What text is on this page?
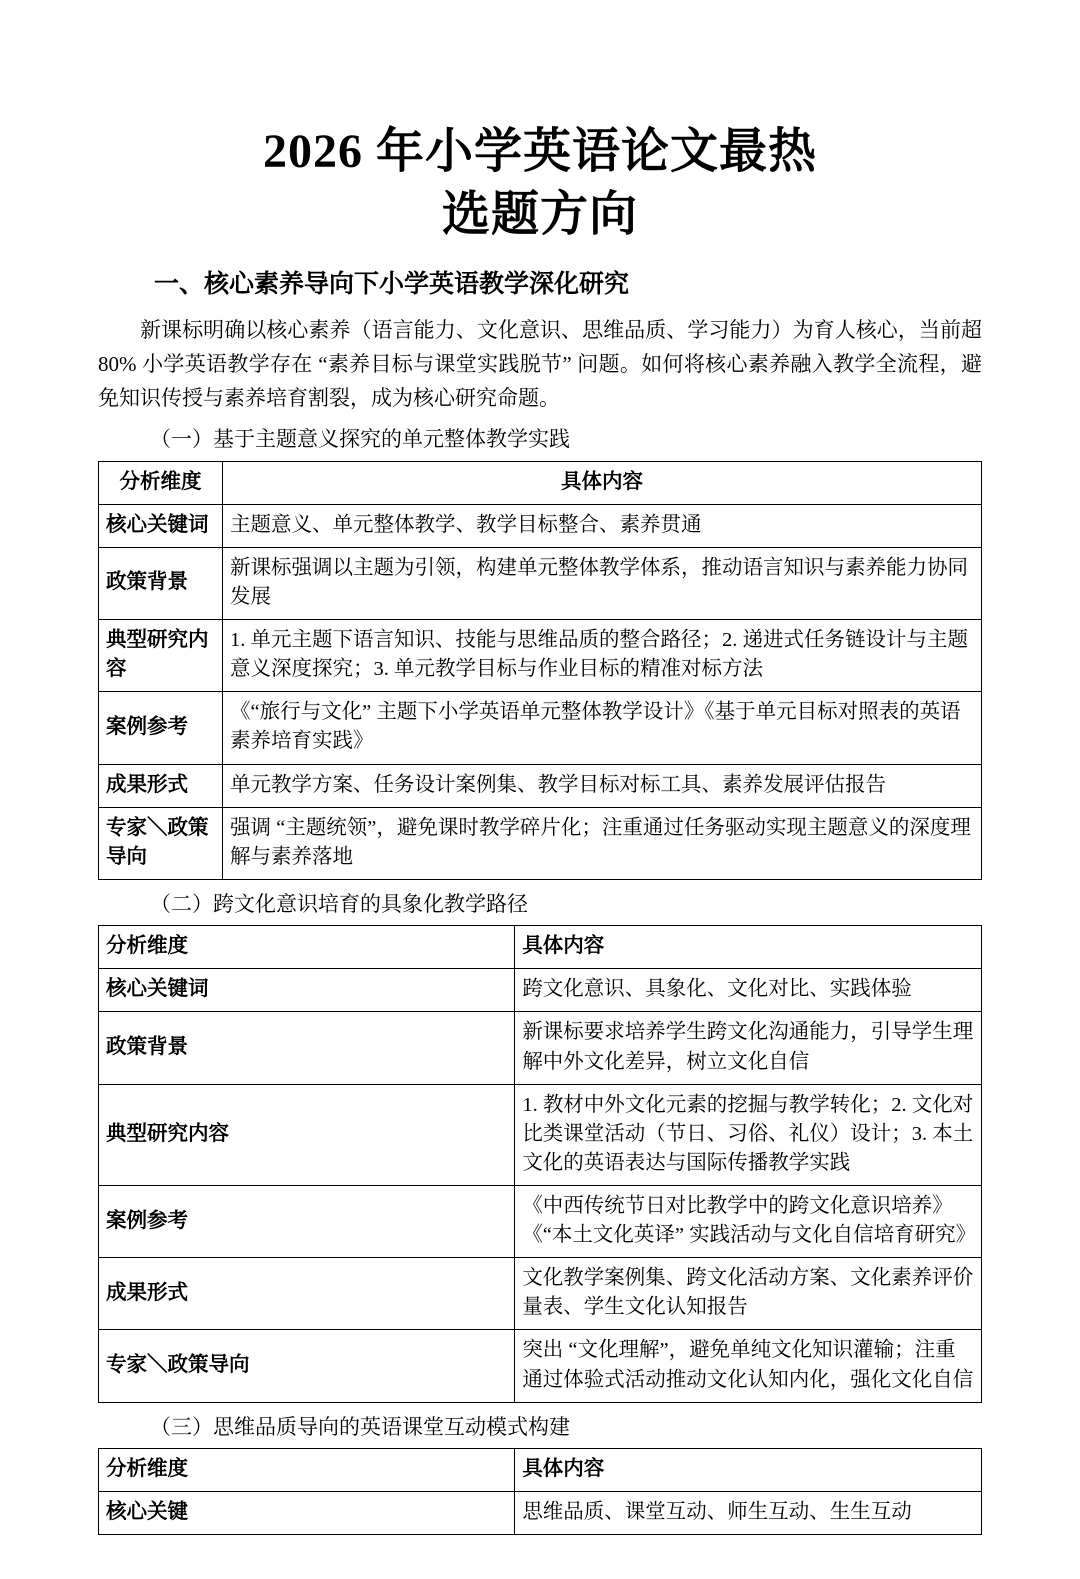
2026 年小学英语论文最热
选题方向
一、核心素养导向下小学英语教学深化研究

新课标明确以核心素养（语言能力、文化意识、思维品质、学习能力）为育人核心，当前超 80% 小学英语教学存在 “素养目标与课堂实践脱节” 问题。如何将核心素养融入教学全流程，避免知识传授与素养培育割裂，成为核心研究命题。

（一）基于主题意义探究的单元整体教学实践
分析维度	具体内容
核心关键词	主题意义、单元整体教学、教学目标整合、素养贯通
政策背景	新课标强调以主题为引领，构建单元整体教学体系，推动语言知识与素养能力协同发展
典型研究内容	1. 单元主题下语言知识、技能与思维品质的整合路径；2. 递进式任务链设计与主题意义深度探究；3. 单元教学目标与作业目标的精准对标方法
案例参考	《“旅行与文化” 主题下小学英语单元整体教学设计》《基于单元目标对照表的英语素养培育实践》
成果形式	单元教学方案、任务设计案例集、教学目标对标工具、素养发展评估报告
专家＼政策导向	强调 “主题统领”，避免课时教学碎片化；注重通过任务驱动实现主题意义的深度理解与素养落地
（二）跨文化意识培育的具象化教学路径
分析维度	具体内容
核心关键词	跨文化意识、具象化、文化对比、实践体验
政策背景	新课标要求培养学生跨文化沟通能力，引导学生理解中外文化差异，树立文化自信
典型研究内容	1. 教材中外文化元素的挖掘与教学转化；2. 文化对比类课堂活动（节日、习俗、礼仪）设计；3. 本土文化的英语表达与国际传播教学实践
案例参考	《中西传统节日对比教学中的跨文化意识培养》《“本土文化英译” 实践活动与文化自信培育研究》
成果形式	文化教学案例集、跨文化活动方案、文化素养评价量表、学生文化认知报告
专家＼政策导向	突出 “文化理解”，避免单纯文化知识灌输；注重通过体验式活动推动文化认知内化，强化文化自信
（三）思维品质导向的英语课堂互动模式构建
分析维度	具体内容
核心关键	思维品质、课堂互动、师生互动、生生互动
